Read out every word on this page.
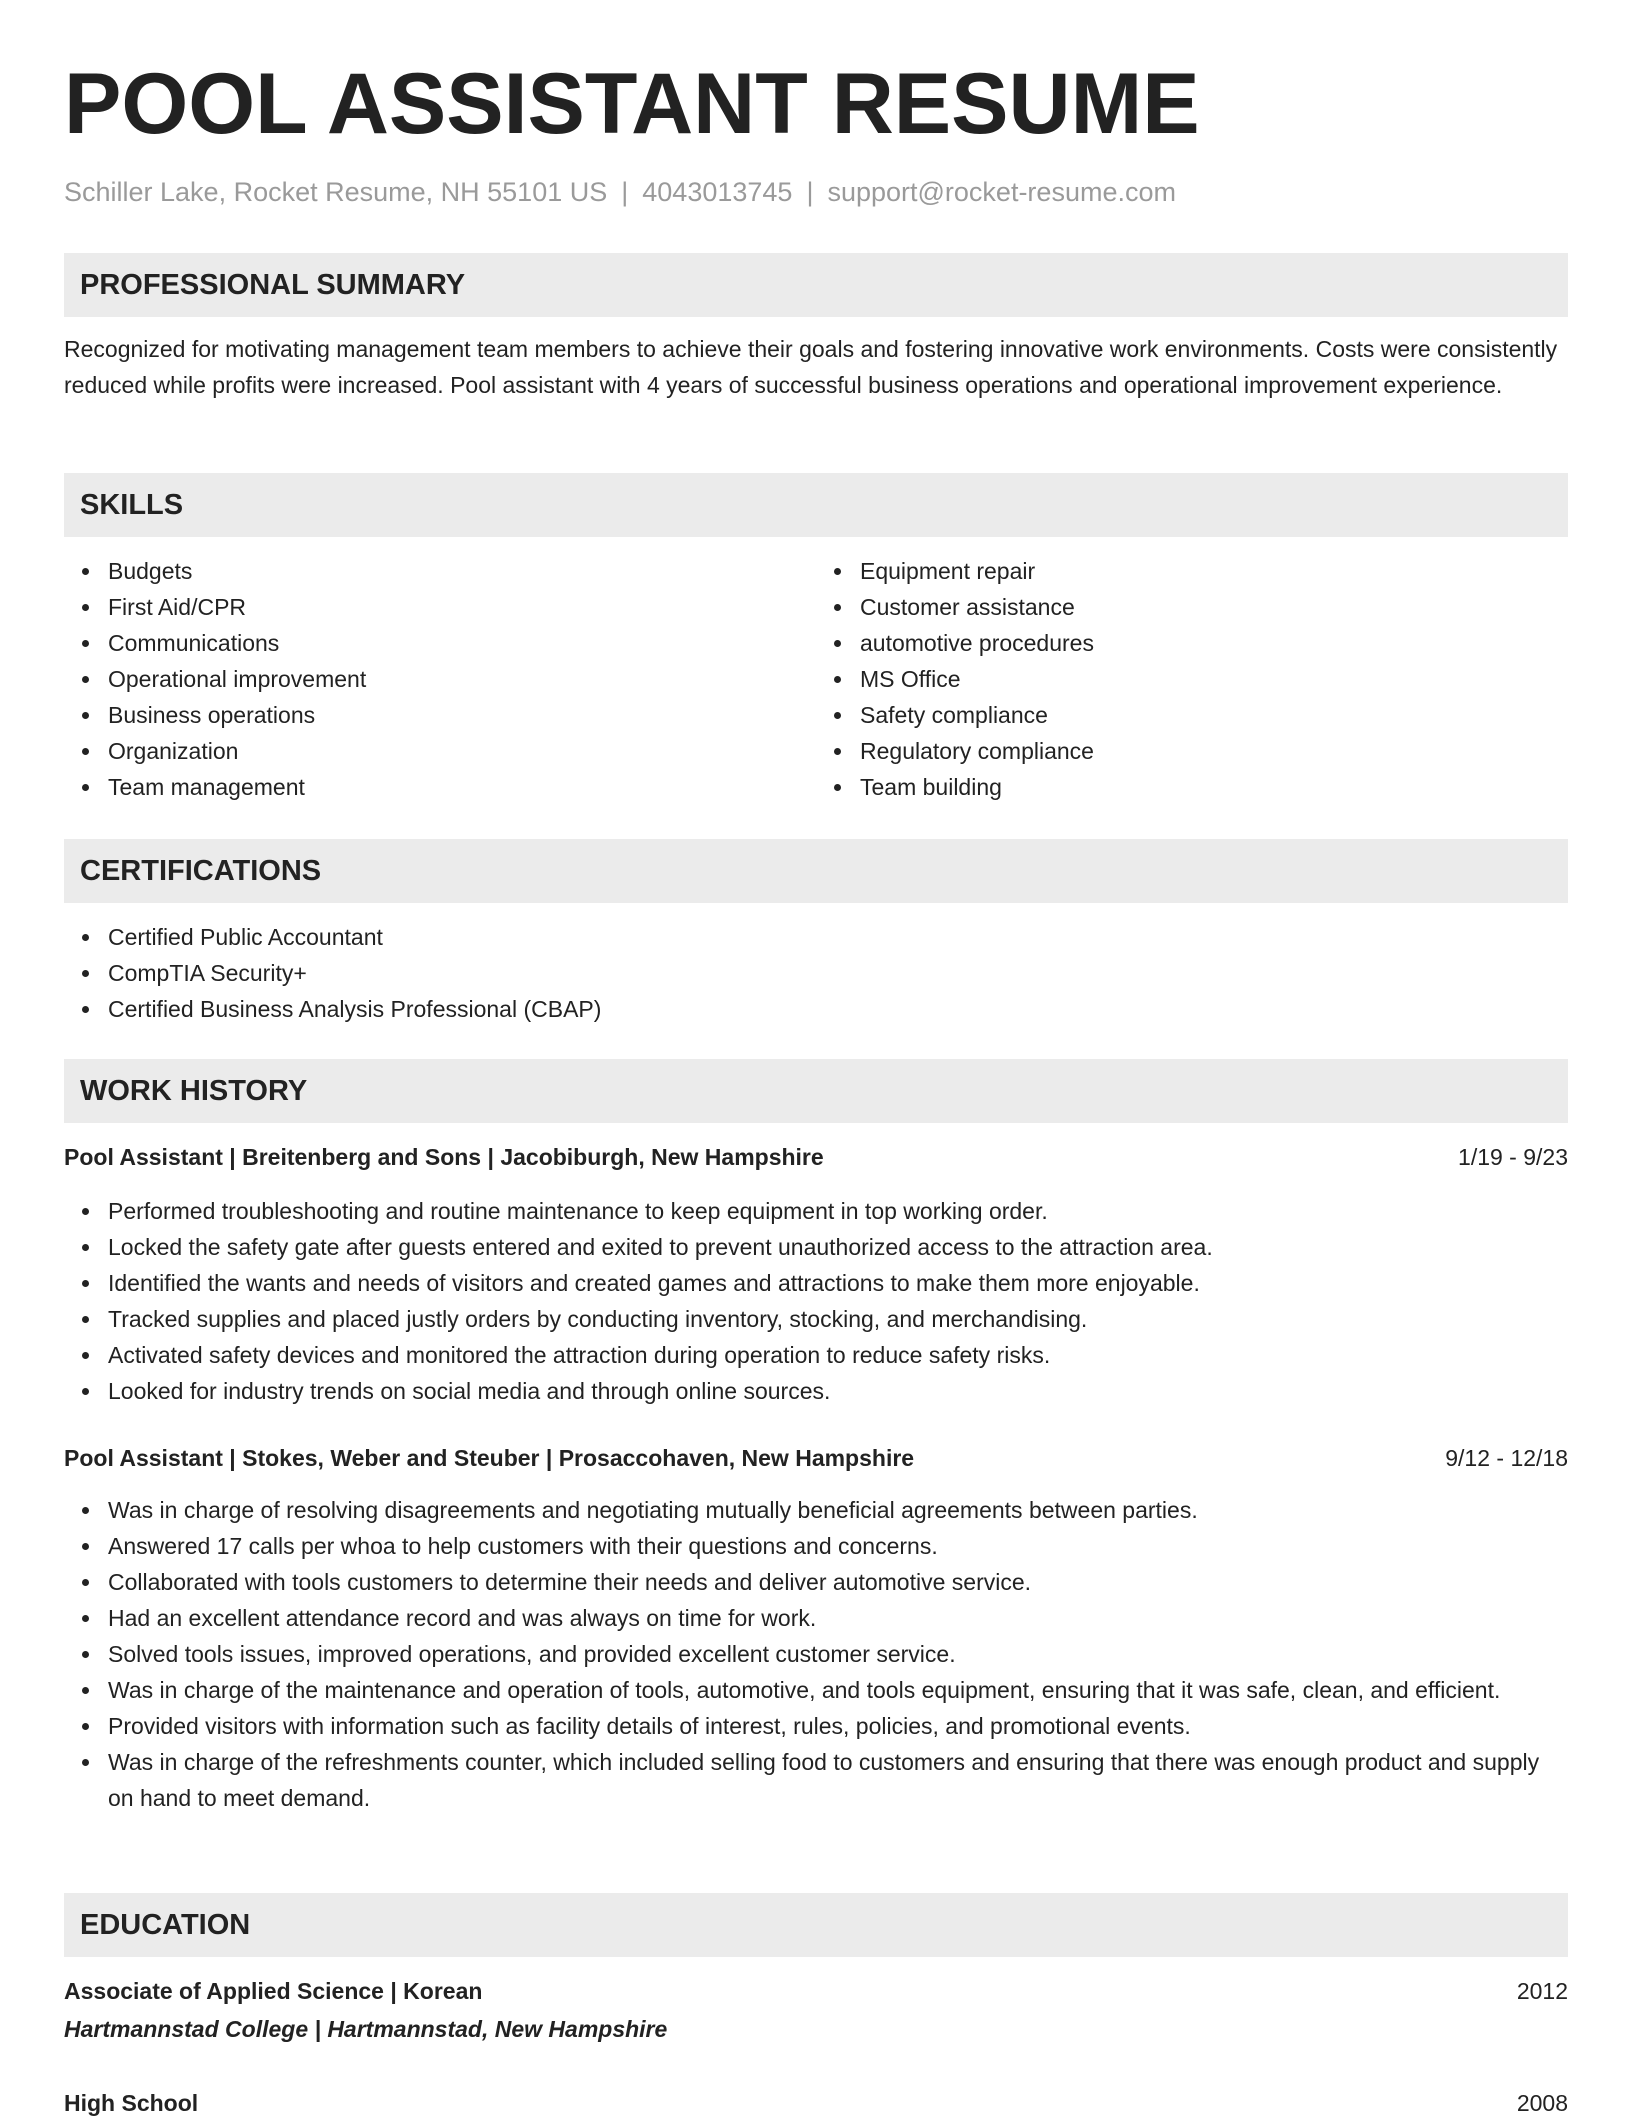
POOL ASSISTANT RESUME
Schiller Lake, Rocket Resume, NH 55101 US | 4043013745 | support@rocket-resume.com
PROFESSIONAL SUMMARY
Recognized for motivating management team members to achieve their goals and fostering innovative work environments. Costs were consistently reduced while profits were increased. Pool assistant with 4 years of successful business operations and operational improvement experience.
SKILLS
Budgets
First Aid/CPR
Communications
Operational improvement
Business operations
Organization
Team management
Equipment repair
Customer assistance
automotive procedures
MS Office
Safety compliance
Regulatory compliance
Team building
CERTIFICATIONS
Certified Public Accountant
CompTIA Security+
Certified Business Analysis Professional (CBAP)
WORK HISTORY
Pool Assistant | Breitenberg and Sons | Jacobiburgh, New Hampshire	1/19 - 9/23
Performed troubleshooting and routine maintenance to keep equipment in top working order.
Locked the safety gate after guests entered and exited to prevent unauthorized access to the attraction area.
Identified the wants and needs of visitors and created games and attractions to make them more enjoyable.
Tracked supplies and placed justly orders by conducting inventory, stocking, and merchandising.
Activated safety devices and monitored the attraction during operation to reduce safety risks.
Looked for industry trends on social media and through online sources.
Pool Assistant | Stokes, Weber and Steuber | Prosaccohaven, New Hampshire	9/12 - 12/18
Was in charge of resolving disagreements and negotiating mutually beneficial agreements between parties.
Answered 17 calls per whoa to help customers with their questions and concerns.
Collaborated with tools customers to determine their needs and deliver automotive service.
Had an excellent attendance record and was always on time for work.
Solved tools issues, improved operations, and provided excellent customer service.
Was in charge of the maintenance and operation of tools, automotive, and tools equipment, ensuring that it was safe, clean, and efficient.
Provided visitors with information such as facility details of interest, rules, policies, and promotional events.
Was in charge of the refreshments counter, which included selling food to customers and ensuring that there was enough product and supply on hand to meet demand.
EDUCATION
Associate of Applied Science | Korean	2012
Hartmannstad College | Hartmannstad, New Hampshire
High School	2008
